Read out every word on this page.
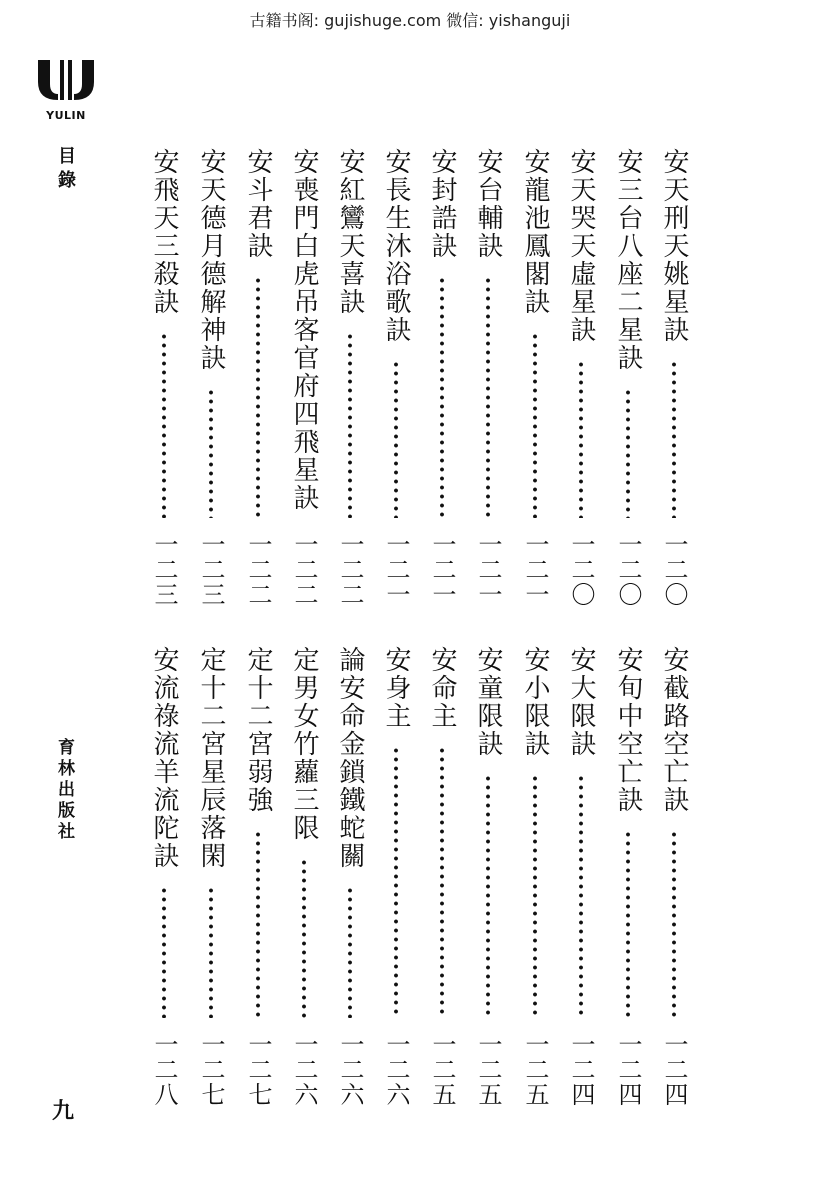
古籍书阁: gujishuge.com 微信: yishanguji
YULIN
目錄
育林出版社
九
安天刑天姚星訣
一二〇
安三台八座二星訣
一二〇
安天哭天虛星訣
一二〇
安龍池鳳閣訣
一二一
安台輔訣
一二一
安封誥訣
一二一
安長生沐浴歌訣
一二一
安紅鸞天喜訣
一二二
安喪門白虎吊客官府四飛星訣
一二二
安斗君訣
一二二
安天德月德解神訣
一二三
安飛天三殺訣
一二三
安截路空亡訣
一二四
安旬中空亡訣
一二四
安大限訣
一二四
安小限訣
一二五
安童限訣
一二五
安命主
一二五
安身主
一二六
論安命金鎖鐵蛇關
一二六
定男女竹蘿三限
一二六
定十二宮弱強
一二七
定十二宮星辰落閑
一二七
安流祿流羊流陀訣
一二八
